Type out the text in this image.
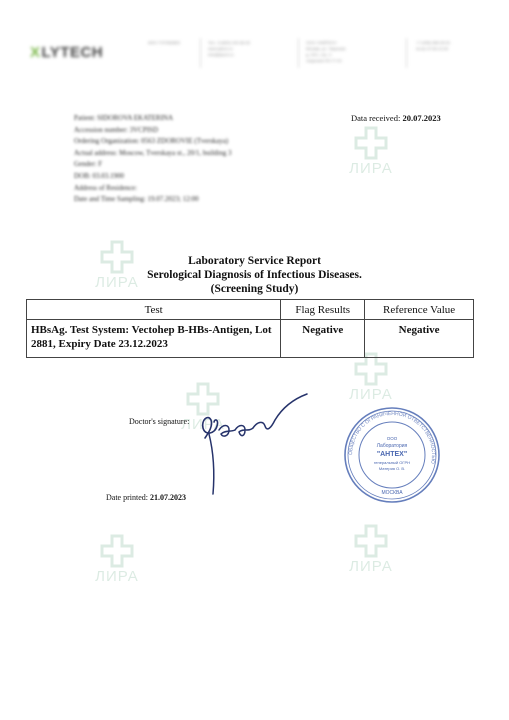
XLYTECH
ИНН 7707083893	Тел.: 8 (800) 100-36-33
www.lytech.ru
info@lytech.ru
ООО «ЛАЙТЕХ»
Москва, ул. Тверская
д. 20/1, стр. 3
лицензия ЛО-77-01
+7 (495) 989-39-91
пн-вс 07:00-21:00
Patient: SIDOROVA EKATERINA
Accession number: 3VCPISD
Ordering Organization: 0563 ZDOROVIE (Tverskaya)
Actual address: Moscow, Tverskaya st., 20/1, building 3
Gender: F
DOB: 03.03.1900
Address of Residence:
Date and Time Sampling: 19.07.2023; 12:00
Data received: 20.07.2023
ЛИРА
ЛИРА
ЛИРА
ЛИРА
ЛИРА
ЛИРА
Laboratory Service Report
Serological Diagnosis of Infectious Diseases.
(Screening Study)
Test	Flag Results	Reference Value
HBsAg. Test System: Vectohep B-HBs-Antigen, Lot 2881, Expiry Date 23.12.2023	Negative	Negative
Doctor's signature:
ОБЩЕСТВО С ОГРАНИЧЕННОЙ ОТВЕТСТВЕННОСТЬЮ
ООО
Лаборатория
"AНТЕХ"
генеральный ОГРН
Материя О. В.
МОСКВА
Date printed: 21.07.2023
